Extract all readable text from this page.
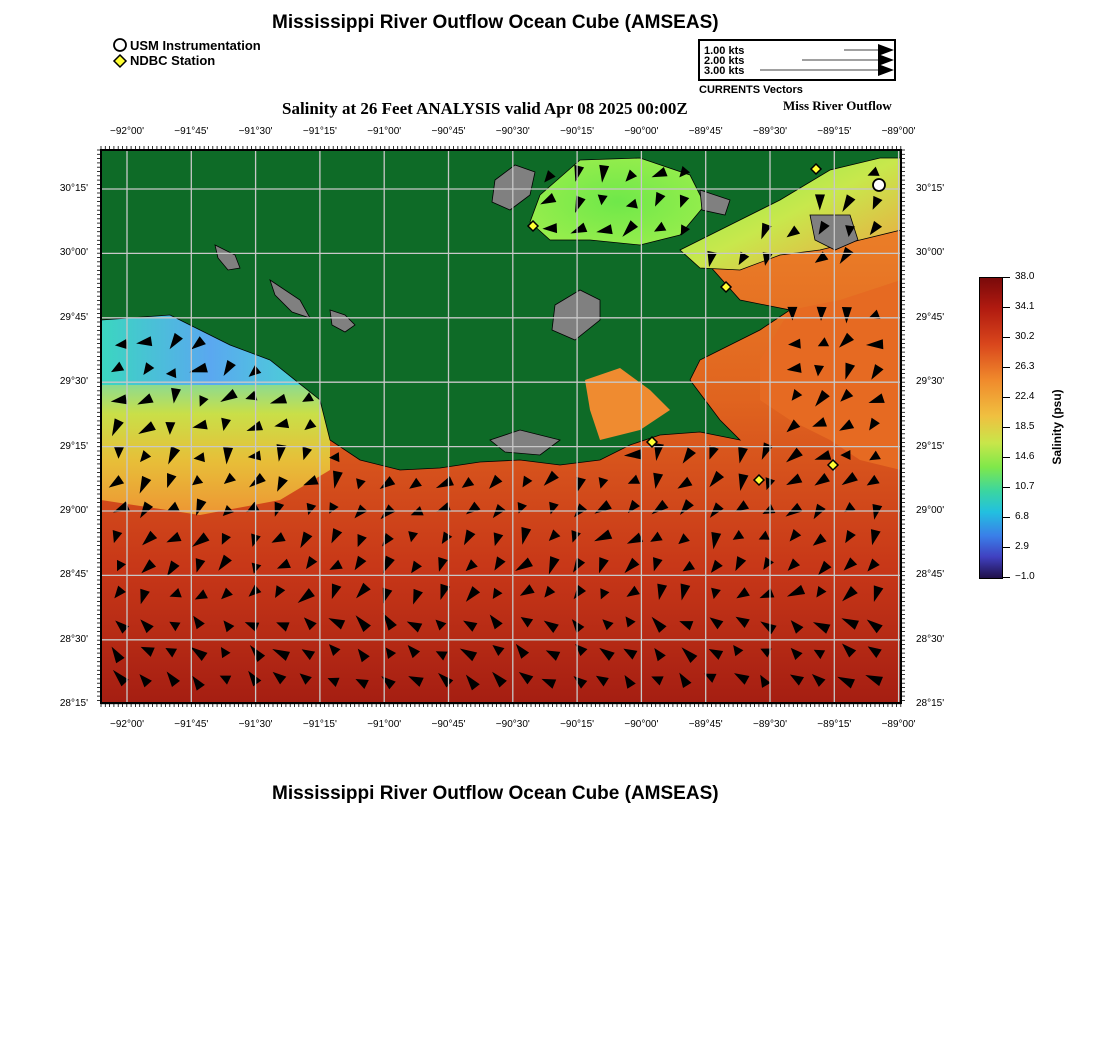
Mississippi River Outflow Ocean Cube (AMSEAS)
USM Instrumentation
NDBC Station
1.00 kts
2.00 kts
3.00 kts
CURRENTS Vectors
Salinity at 26 Feet ANALYSIS valid Apr 08 2025 00:00Z	Miss River Outflow
−92°00'	−91°45'	−91°30'	−91°15'	−91°00'	−90°45'	−90°30'	−90°15'	−90°00'	−89°45'	−89°30'	−89°15'	−89°00'
−92°00'	−91°45'	−91°30'	−91°15'	−91°00'	−90°45'	−90°30'	−90°15'	−90°00'	−89°45'	−89°30'	−89°15'	−89°00'
30°15'
30°00'
29°45'
29°30'
29°15'
29°00'
28°45'
28°30'
28°15'
30°15'
30°00'
29°45'
29°30'
29°15'
29°00'
28°45'
28°30'
28°15'
38.0
34.1
30.2
26.3
22.4
18.5
14.6
10.7
6.8
2.9
−1.0
Salinity (psu)
Mississippi River Outflow Ocean Cube (AMSEAS)
